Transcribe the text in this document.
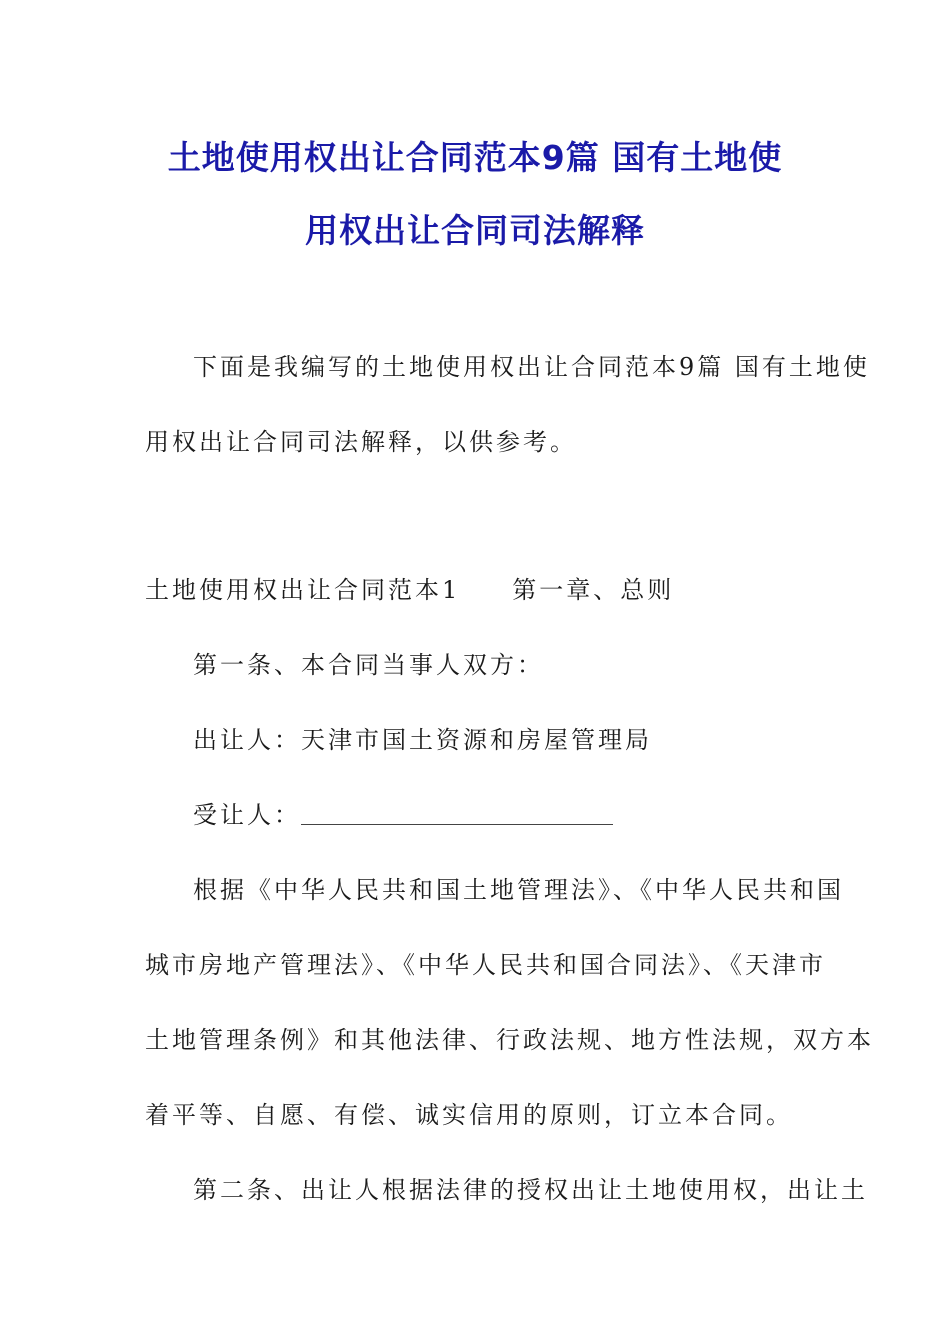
土地使用权出让合同范本9篇 国有土地使
用权出让合同司法解释
下面是我编写的土地使用权出让合同范本9篇 国有土地使
用权出让合同司法解释，以供参考。
土地使用权出让合同范本1 第一章、总则
第一条、本合同当事人双方：
出让人：天津市国土资源和房屋管理局
受让人：
根据《中华人民共和国土地管理法》、《中华人民共和国
城市房地产管理法》、《中华人民共和国合同法》、《天津市
土地管理条例》和其他法律、行政法规、地方性法规，双方本
着平等、自愿、有偿、诚实信用的原则，订立本合同。
第二条、出让人根据法律的授权出让土地使用权，出让土
